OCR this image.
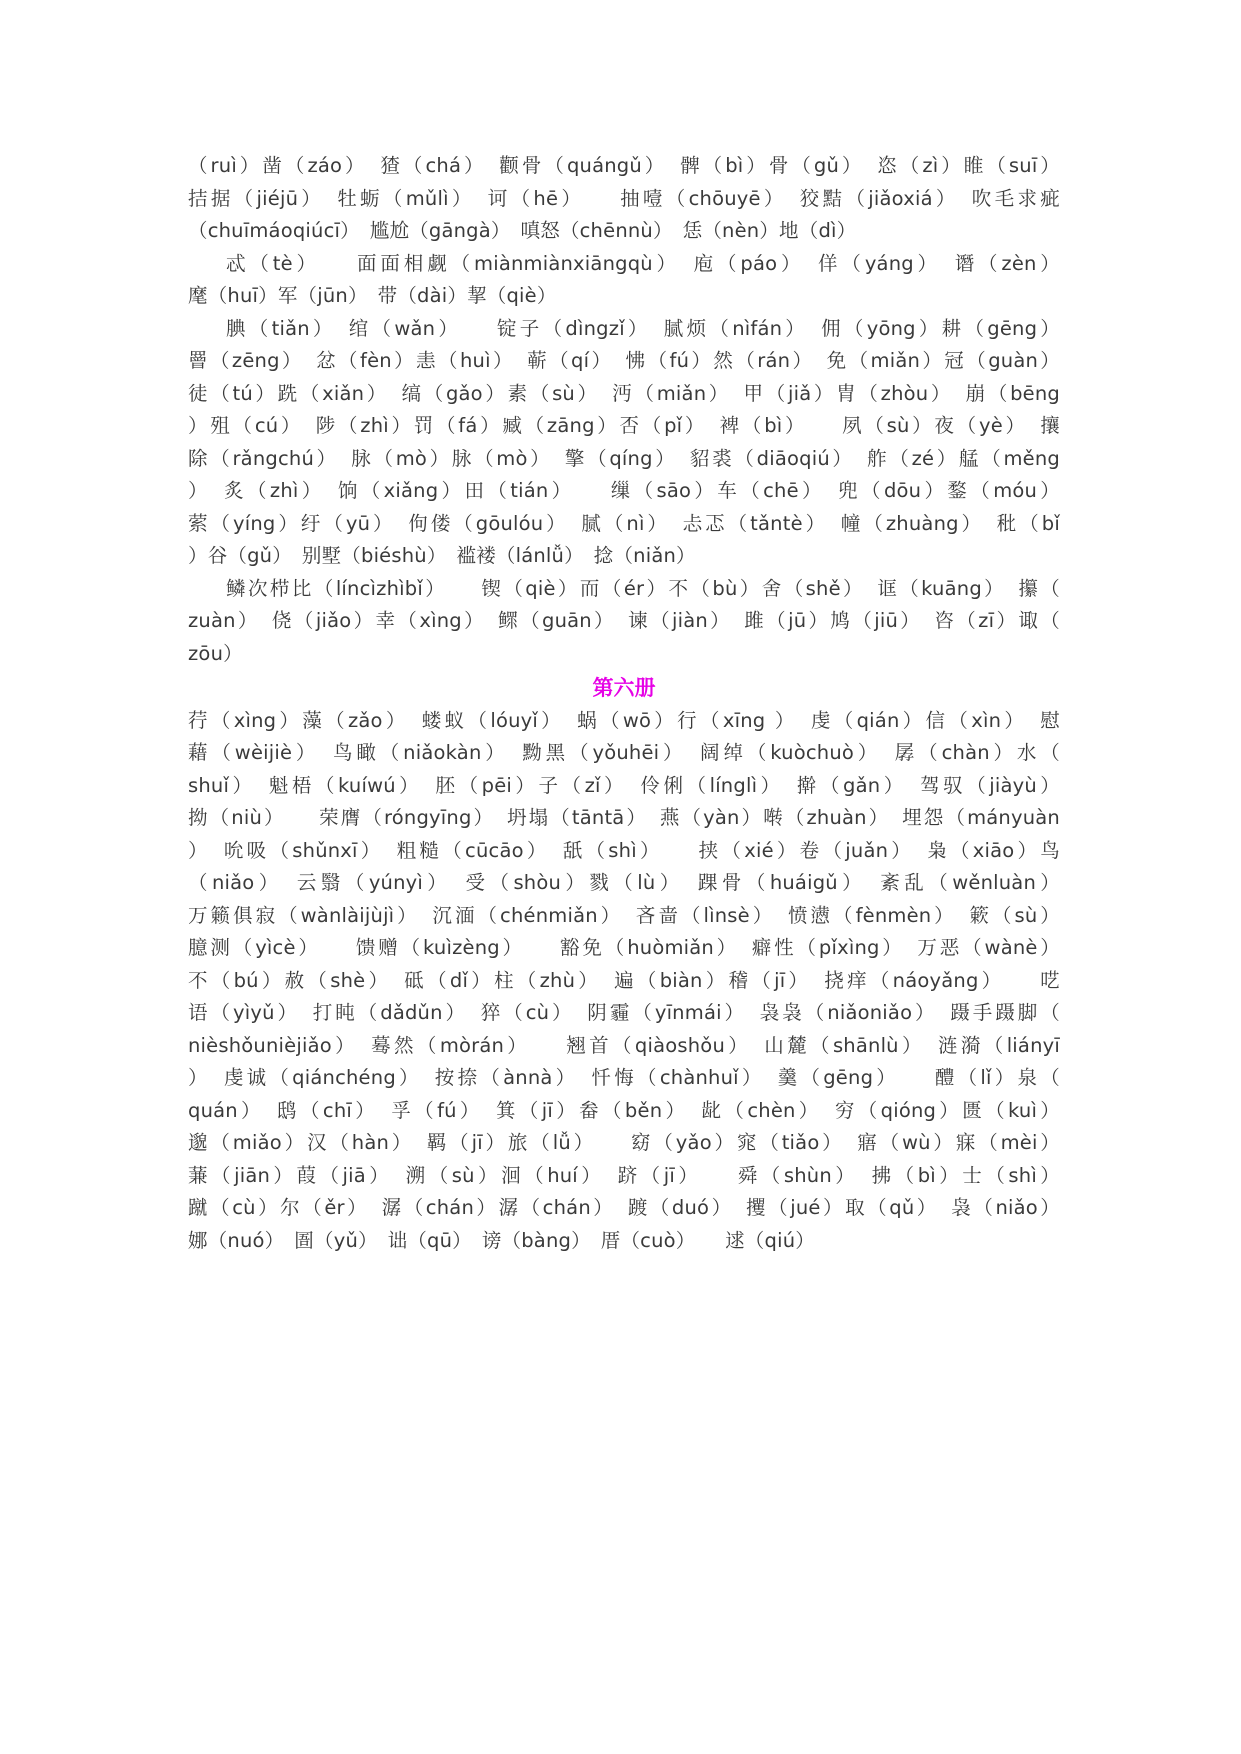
（ruì）凿（záo）　猹（chá）　颧骨（quángǔ）　髀（bì）骨（gǔ）　恣（zì）睢（suī）
拮据（jiéjū）　牡蛎（mǔlì）　诃（hē）　　抽噎（chōuyē）　狡黠（jiǎoxiá）　吹毛求疵
（chuīmáoqiúcī）　尴尬（gāngà）　嗔怒（chēnnù）　恁（nèn）地（dì）
忒（tè）　　面面相觑（miànmiànxiāngqù）　庖（páo）　佯（yáng）　谮（zèn）
麾（huī）军（jūn）　带（dài）挈（qiè）
腆（tiǎn）　绾（wǎn）　　锭子（dìngzǐ）　腻烦（nìfán）　佣（yōng）耕（gēng）
罾（zēng）　忿（fèn）恚（huì）　蕲（qí）　怫（fú）然（rán）　免（miǎn）冠（guàn）
徒（tú）跣（xiǎn）　缟（gǎo）素（sù）　沔（miǎn）　甲（jiǎ）胄（zhòu）　崩（bēng
）殂（cú）　陟（zhì）罚（fá）臧（zāng）否（pǐ）　裨（bì）　　夙（sù）夜（yè）　攘
除（rǎngchú）　脉（mò）脉（mò）　擎（qíng）　貂裘（diāoqiú）　舴（zé）艋（měng
）　炙（zhì）　饷（xiǎng）田（tián）　　缫（sāo）车（chē）　兜（dōu）鍪（móu）
萦（yíng）纡（yū）　佝偻（gōulóu）　腻（nì）　忐忑（tǎntè）　幢（zhuàng）　秕（bǐ
）谷（gǔ）　别墅（biéshù）　褴褛（lánlǚ）　捻（niǎn）
鳞次栉比（líncìzhìbǐ）　　锲（qiè）而（ér）不（bù）舍（shě）　诓（kuāng）　攥（
zuàn）　侥（jiǎo）幸（xìng）　鳏（guān）　谏（jiàn）　雎（jū）鸠（jiū）　咨（zī）诹（
zōu）
第六册
荇（xìng）藻（zǎo）　蝼蚁（lóuyǐ）　蜗（wō）行（xīng ）　虔（qián）信（xìn）　慰
藉（wèijiè）　鸟瞰（niǎokàn）　黝黑（yǒuhēi）　阔绰（kuòchuò）　孱（chàn）水（
shuǐ）　魁梧（kuíwú）　胚（pēi）子（zǐ）　伶俐（línglì）　擀（gǎn）　驾驭（jiàyù）
拗（niù）　　荣膺（róngyīng）　坍塌（tāntā）　燕（yàn）啭（zhuàn）　埋怨（mányuàn
）　吮吸（shǔnxī）　粗糙（cūcāo）　舐（shì）　　挟（xié）卷（juǎn）　枭（xiāo）鸟
（niǎo）　云翳（yúnyì）　受（shòu）戮（lù）　踝骨（huáigǔ）　紊乱（wěnluàn）
万籁俱寂（wànlàijùjì）　沉湎（chénmiǎn）　吝啬（lìnsè）　愤懑（fènmèn）　簌（sù）
臆测（yìcè）　　馈赠（kuìzèng）　　豁免（huòmiǎn）　癖性（pǐxìng）　万恶（wànè）
不（bú）赦（shè）　砥（dǐ）柱（zhù）　遍（biàn）稽（jī）　挠痒（náoyǎng）　　呓
语（yìyǔ）　打盹（dǎdǔn）　猝（cù）　阴霾（yīnmái）　袅袅（niǎoniǎo）　蹑手蹑脚（
nièshǒunièjiǎo）　蓦然（mòrán）　　翘首（qiàoshǒu）　山麓（shānlù）　涟漪（liányī
）　虔诚（qiánchéng）　按捺（ànnà）　忏悔（chànhuǐ）　羹（gēng）　　醴（lǐ）泉（
quán）　鸱（chī）　孚（fú）　箕（jī）畚（běn）　龀（chèn）　穷（qióng）匮（kuì）
邈（miǎo）汉（hàn）　羁（jī）旅（lǚ）　　窈（yǎo）窕（tiǎo）　寤（wù）寐（mèi）
蒹（jiān）葭（jiā）　溯（sù）洄（huí）　跻（jī）　　舜（shùn）　拂（bì）士（shì）
蹴（cù）尔（ěr）　潺（chán）潺（chán）　踱（duó）　攫（jué）取（qǔ）　袅（niǎo）
娜（nuó）　圄（yǔ）　诎（qū）　谤（bàng）　厝（cuò）　　逑（qiú）
